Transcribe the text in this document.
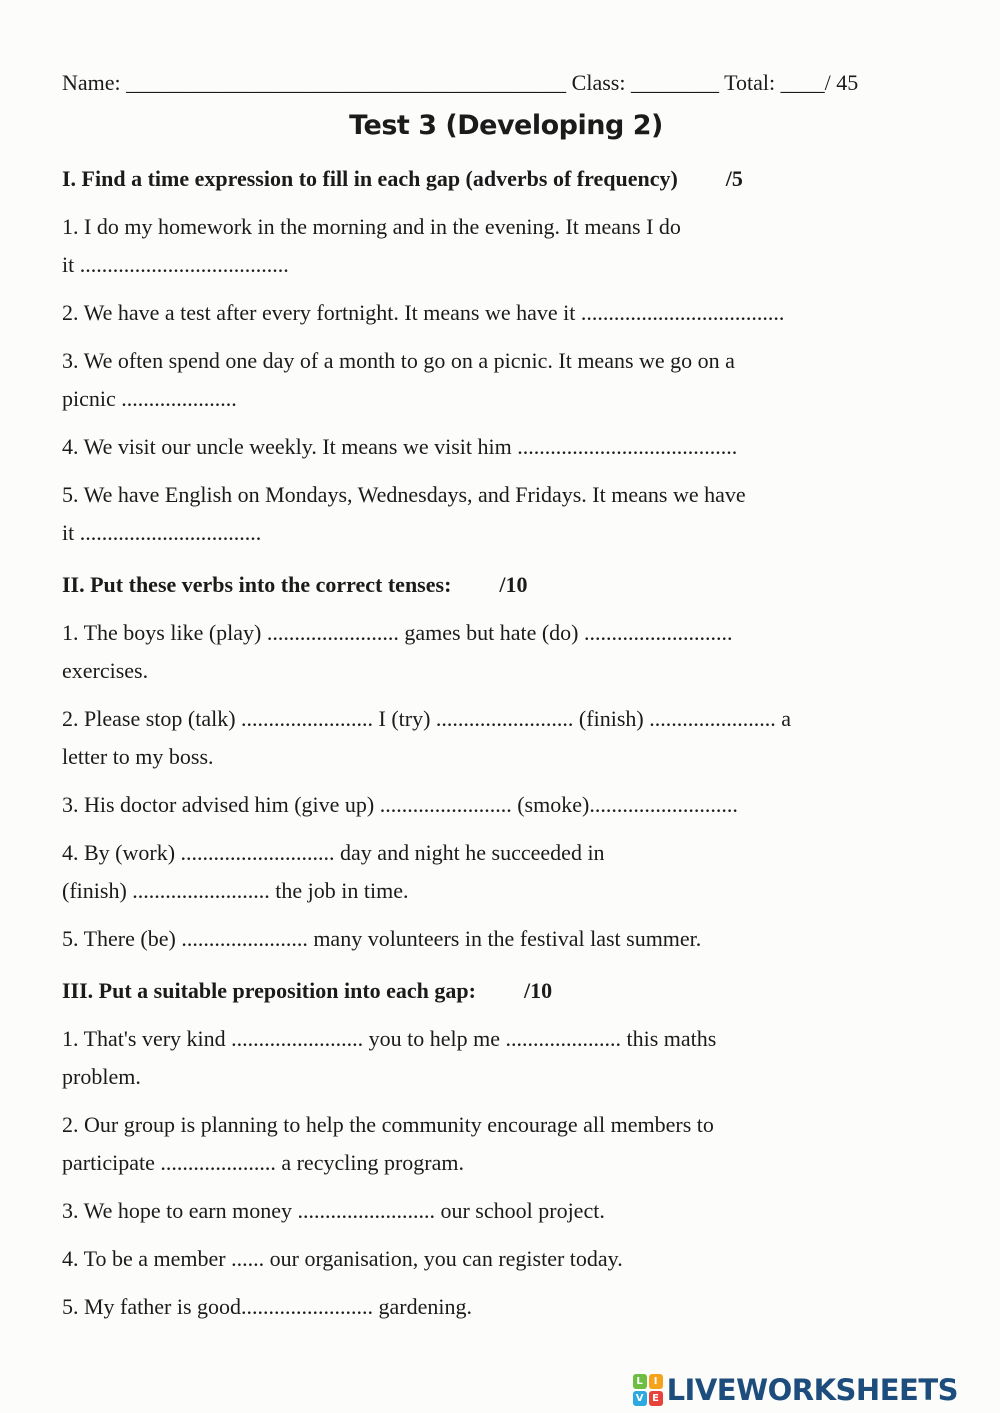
Name: ________________________________________ Class: ________ Total: ____/ 45
Test 3 (Developing 2)
I. Find a time expression to fill in each gap (adverbs of frequency) /5
1. I do my homework in the morning and in the evening. It means I do
it ......................................
2. We have a test after every fortnight. It means we have it .....................................
3. We often spend one day of a month to go on a picnic. It means we go on a
picnic .....................
4. We visit our uncle weekly. It means we visit him ........................................
5. We have English on Mondays, Wednesdays, and Fridays. It means we have
it .................................
II. Put these verbs into the correct tenses: /10
1. The boys like (play) ........................ games but hate (do) ...........................
exercises.
2. Please stop (talk) ........................ I (try) ......................... (finish) ....................... a
letter to my boss.
3. His doctor advised him (give up) ........................ (smoke)...........................
4. By (work) ............................ day and night he succeeded in
(finish) ......................... the job in time.
5. There (be) ....................... many volunteers in the festival last summer.
III. Put a suitable preposition into each gap: /10
1. That's very kind ........................ you to help me ..................... this maths
problem.
2. Our group is planning to help the community encourage all members to
participate ..................... a recycling program.
3. We hope to earn money ......................... our school project.
4. To be a member ...... our organisation, you can register today.
5. My father is good........................ gardening.
L	I
V E LIVEWORKSHEETS
